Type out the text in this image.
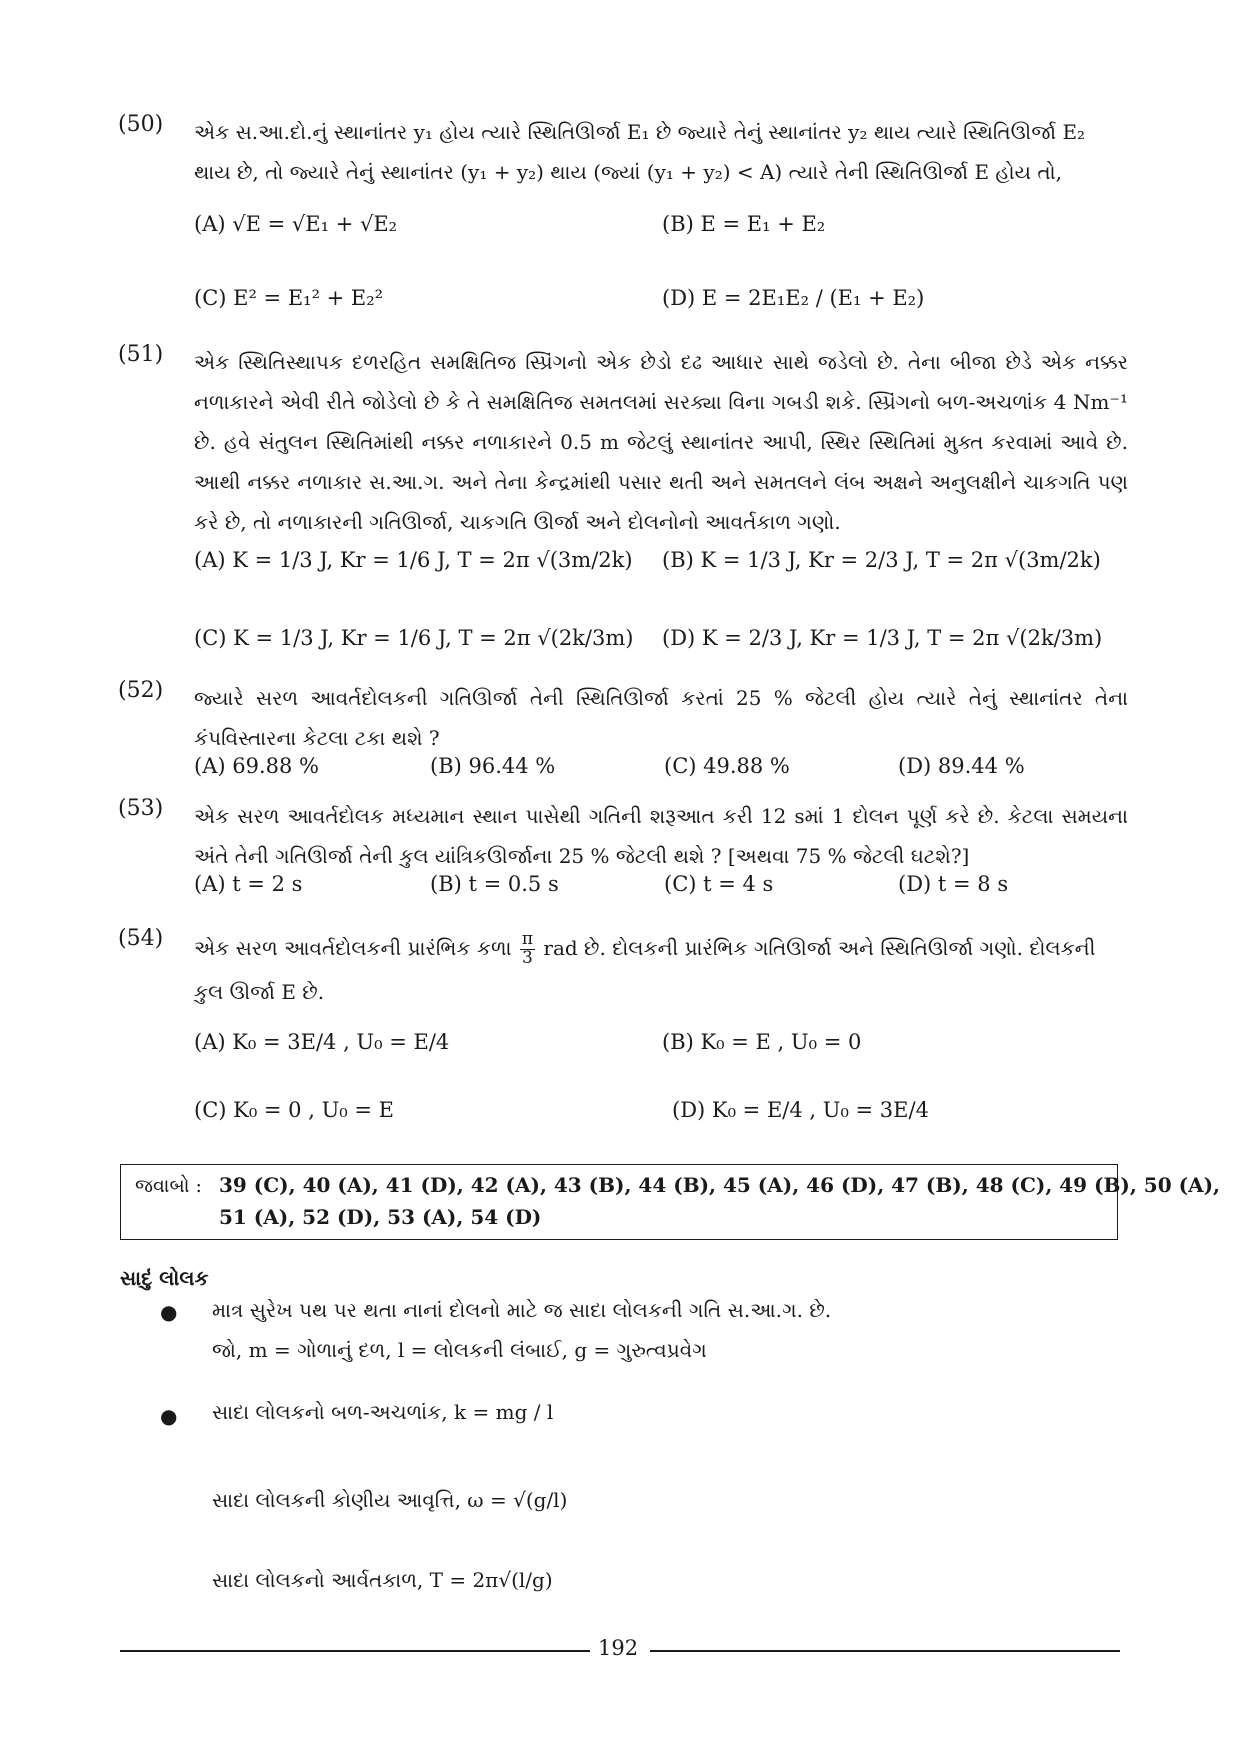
(50) એક સ.આ.દો.નું સ્થાનાંતર y₁ હોય ત્યારે સ્થિતિઊર્જા E₁ છે જ્યારે તેનું સ્થાનાંતર y₂ થાય ત્યારે સ્થિતિઊર્જા E₂
થાય છે, તો જ્યારે તેનું સ્થાનાંતર (y₁ + y₂) થાય (જ્યાં (y₁ + y₂) < A) ત્યારે તેની સ્થિતિઊર્જા E હોય તો,
(A) √E = √E₁ + √E₂	(B) E = E₁ + E₂
(C) E² = E₁² + E₂²	(D) E = 2E₁E₂ / (E₁ + E₂)
(51) એક સ્થિતિસ્થાપક દળરહિત સમક્ષિતિજ સ્પ્રિંગનો એક છેડો દઢ આધાર સાથે જડેલો છે. તેના બીજા છેડે એક નક્કર નળાકારને એવી રીતે જોડેલો છે કે તે સમક્ષિતિજ સમતલમાં સરક્યા વિના ગબડી શકે. સ્પ્રિંગનો બળ-અચળાંક 4 Nm⁻¹ છે. હવે સંતુલન સ્થિતિમાંથી નક્કર નળાકારને 0.5 m જેટલું સ્થાનાંતર આપી, સ્થિર સ્થિતિમાં મુક્ત કરવામાં આવે છે. આથી નક્કર નળાકાર સ.આ.ગ. અને તેના કેન્દ્રમાંથી પસાર થતી અને સમતલને લંબ અક્ષને અનુલક્ષીને ચાકગતિ પણ કરે છે, તો નળાકારની ગતિઊર્જા, ચાકગતિ ઊર્જા અને દોલનોનો આવર્તકાળ ગણો.
(A) K = 1/3 J, Kr = 1/6 J, T = 2π √(3m/2k) (B) K = 1/3 J, Kr = 2/3 J, T = 2π √(3m/2k)
(C) K = 1/3 J, Kr = 1/6 J, T = 2π √(2k/3m) (D) K = 2/3 J, Kr = 1/3 J, T = 2π √(2k/3m)
(52) જ્યારે સરળ આવર્તદોલકની ગતિઊર્જા તેની સ્થિતિઊર્જા કરતાં 25 % જેટલી હોય ત્યારે તેનું સ્થાનાંતર તેના કંપવિસ્તારના કેટલા ટકા થશે ?
(A) 69.88 %	(B) 96.44 %	(C) 49.88 %	(D) 89.44 %
(53) એક સરળ આવર્તદોલક મધ્યમાન સ્થાન પાસેથી ગતિની શરૂઆત કરી 12 sમાં 1 દોલન પૂર્ણ કરે છે. કેટલા સમયના અંતે તેની ગતિઊર્જા તેની કુલ યાંત્રિકઊર્જાના 25 % જેટલી થશે ? [અથવા 75 % જેટલી ઘટશે?]
(A) t = 2 s	(B) t = 0.5 s	(C) t = 4 s	(D) t = 8 s
(54) એક સરળ આવર્તદોલકની પ્રારંભિક કળા $\frac{\pi}{3}$ rad છે. દોલકની પ્રારંભિક ગતિઊર્જા અને સ્થિતિઊર્જા ગણો. દોલકની
કુલ ઊર્જા E છે.
(A) K₀ = 3E/4 , U₀ = E/4	(B) K₀ = E , U₀ = 0
(C) K₀ = 0 , U₀ = E	(D) K₀ = E/4 , U₀ = 3E/4
જવાબો : 39 (C), 40 (A), 41 (D), 42 (A), 43 (B), 44 (B), 45 (A), 46 (D), 47 (B), 48 (C), 49 (B), 50 (A),
51 (A), 52 (D), 53 (A), 54 (D)
સાદું લોલક
● માત્ર સુરેખ પથ પર થતા નાનાં દોલનો માટે જ સાદા લોલકની ગતિ સ.આ.ગ. છે.
જો, m = ગોળાનું દળ, l = લોલકની લંબાઈ, g = ગુરુત્વપ્રવેગ
● સાદા લોલકનો બળ-અચળાંક, k = mg / l
સાદા લોલકની કોણીય આવૃત્તિ, ω = √(g/l)
સાદા લોલકનો આર્વતકાળ, T = 2π√(l/g)
192
